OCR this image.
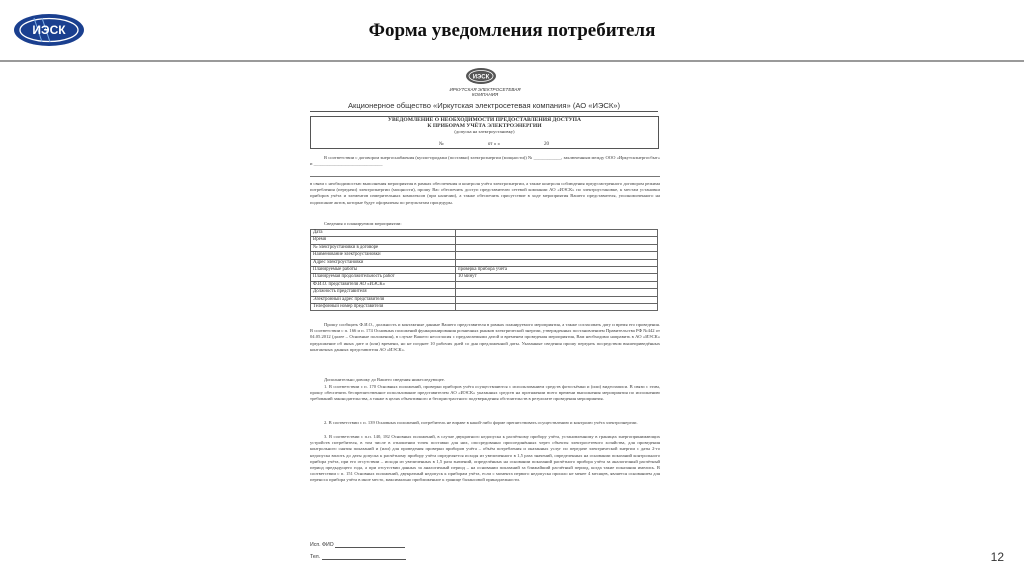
ИЭСК	Форма уведомления потребителя
ИЭСК
ИРКУТСКАЯ ЭЛЕКТРОСЕТЕВАЯ КОМПАНИЯ
Акционерное общество «Иркутская электросетевая компания» (АО «ИЭСК»)
УВЕДОМЛЕНИЕ О НЕОБХОДИМОСТИ ПРЕДОСТАВЛЕНИЯ ДОСТУПА
К ПРИБОРАМ УЧЁТА ЭЛЕКТРОЭНЕРГИИ
(допуска на электроустановку)
№	от « »	20

В соответствии с договором энергоснабжения (купли-продажи (поставки) электроэнергии (мощности)) № ____________, заключенным между ООО «Иркутскэнергосбыт» и ______________________________

в связи с необходимостью выполнения мероприятия в рамках обеспечения и контроля учёта электроэнергии, а также контроля соблюдения предусмотренного договором режима потребления (передачи) электроэнергии (мощности), прошу Вас обеспечить доступ представителю сетевой компании АО «ИЭСК» по электроустановке, к местам установки приборов учёта и элементов измерительных комплексов (при наличии), а также обеспечить присутствие в ходе мероприятия Вашего представителя, уполномоченного на подписание актов, которые будут оформлены по результатам процедуры.

Сведения о планируемом мероприятии:

Дата	
Время	
№ электроустановки в договоре	
Наименование электроустановки	
Адрес электроустановки	
Планируемые работы	проверка прибора учета
Планируемая продолжительность работ	10 минут
Ф.И.О. представителя АО «ИЭСК»	
Должность представителя	
Электронный адрес представителя	
Телефонный номер представителя	

Прошу сообщить Ф.И.О., должность и контактные данные Вашего представителя в рамках планируемого мероприятия, а также согласовать дату и время его проведения. В соответствии с п. 166 и п. 174 Основных положений функционирования розничных рынков электрической энергии, утвержденных постановлением Правительства РФ №442 от 04.05.2012 (далее – Основные положения), в случае Вашего несогласия с предлагаемыми датой и временем проведения мероприятия, Вам необходимо направить в АО «ИЭСК» предложение об иных дате и (или) времени, но не позднее 10 рабочих дней со дня предложенной даты. Указанные сведения прошу передать посредством вышеприведённых контактных данных представителя АО «ИЭСК».

Дополнительно довожу до Вашего сведения нижеследующее.

1. В соответствии с п. 170 Основных положений, проверки приборов учёта осуществляются с использованием средств фотосъёмки и (или) видеозаписи. В связи с этим, прошу обеспечить беспрепятственное использование представителем АО «ИЭСК» указанных средств на протяжении всего времени выполнения мероприятия по исполнению требований законодательства, а также в целях объективного и беспристрастного подтверждения обстоятельств в результате проведения мероприятия.

2. В соответствии с п. 139 Основных положений, потребитель не вправе в какой-либо форме препятствовать осуществлению и контролю учёта электроэнергии.

3. В соответствии с п.п. 140, 182 Основных положений, в случае двукратного недопуска к расчётному прибору учёта, установленному в границах энергопринимающих устройств потребителя, в том числе в отношении точек поставки для них, опосредованно присоединённых через объекты электросетевого хозяйства, для проведения контрольного снятия показаний и (или) для проведения проверки приборов учёта – объём потребления и оказанных услуг по передаче электрической энергии с даты 2-го недопуска вплоть до даты допуска к расчётному прибору учёта определяется исходя из увеличенного в 1,5 раза значений, определенных на основании показаний контрольного прибора учёта, при его отсутствии – исходя из увеличенных в 1,5 раза значений, определённых на основании показаний расчётного прибора учёта за аналогичный расчётный период предыдущего года, а при отсутствии данных за аналогичный период – на основании показаний за ближайший расчётный период, когда такие показания имелись. В соответствии с п. 151 Основных положений, двукратный недопуск к приборам учёта, если с момента первого недопуска прошло не менее 4 месяцев, является основанием для переноса прибора учёта в иное место, максимально приближенное к границе балансовой принадлежности.

Исп. ФИО
Тел.	12
